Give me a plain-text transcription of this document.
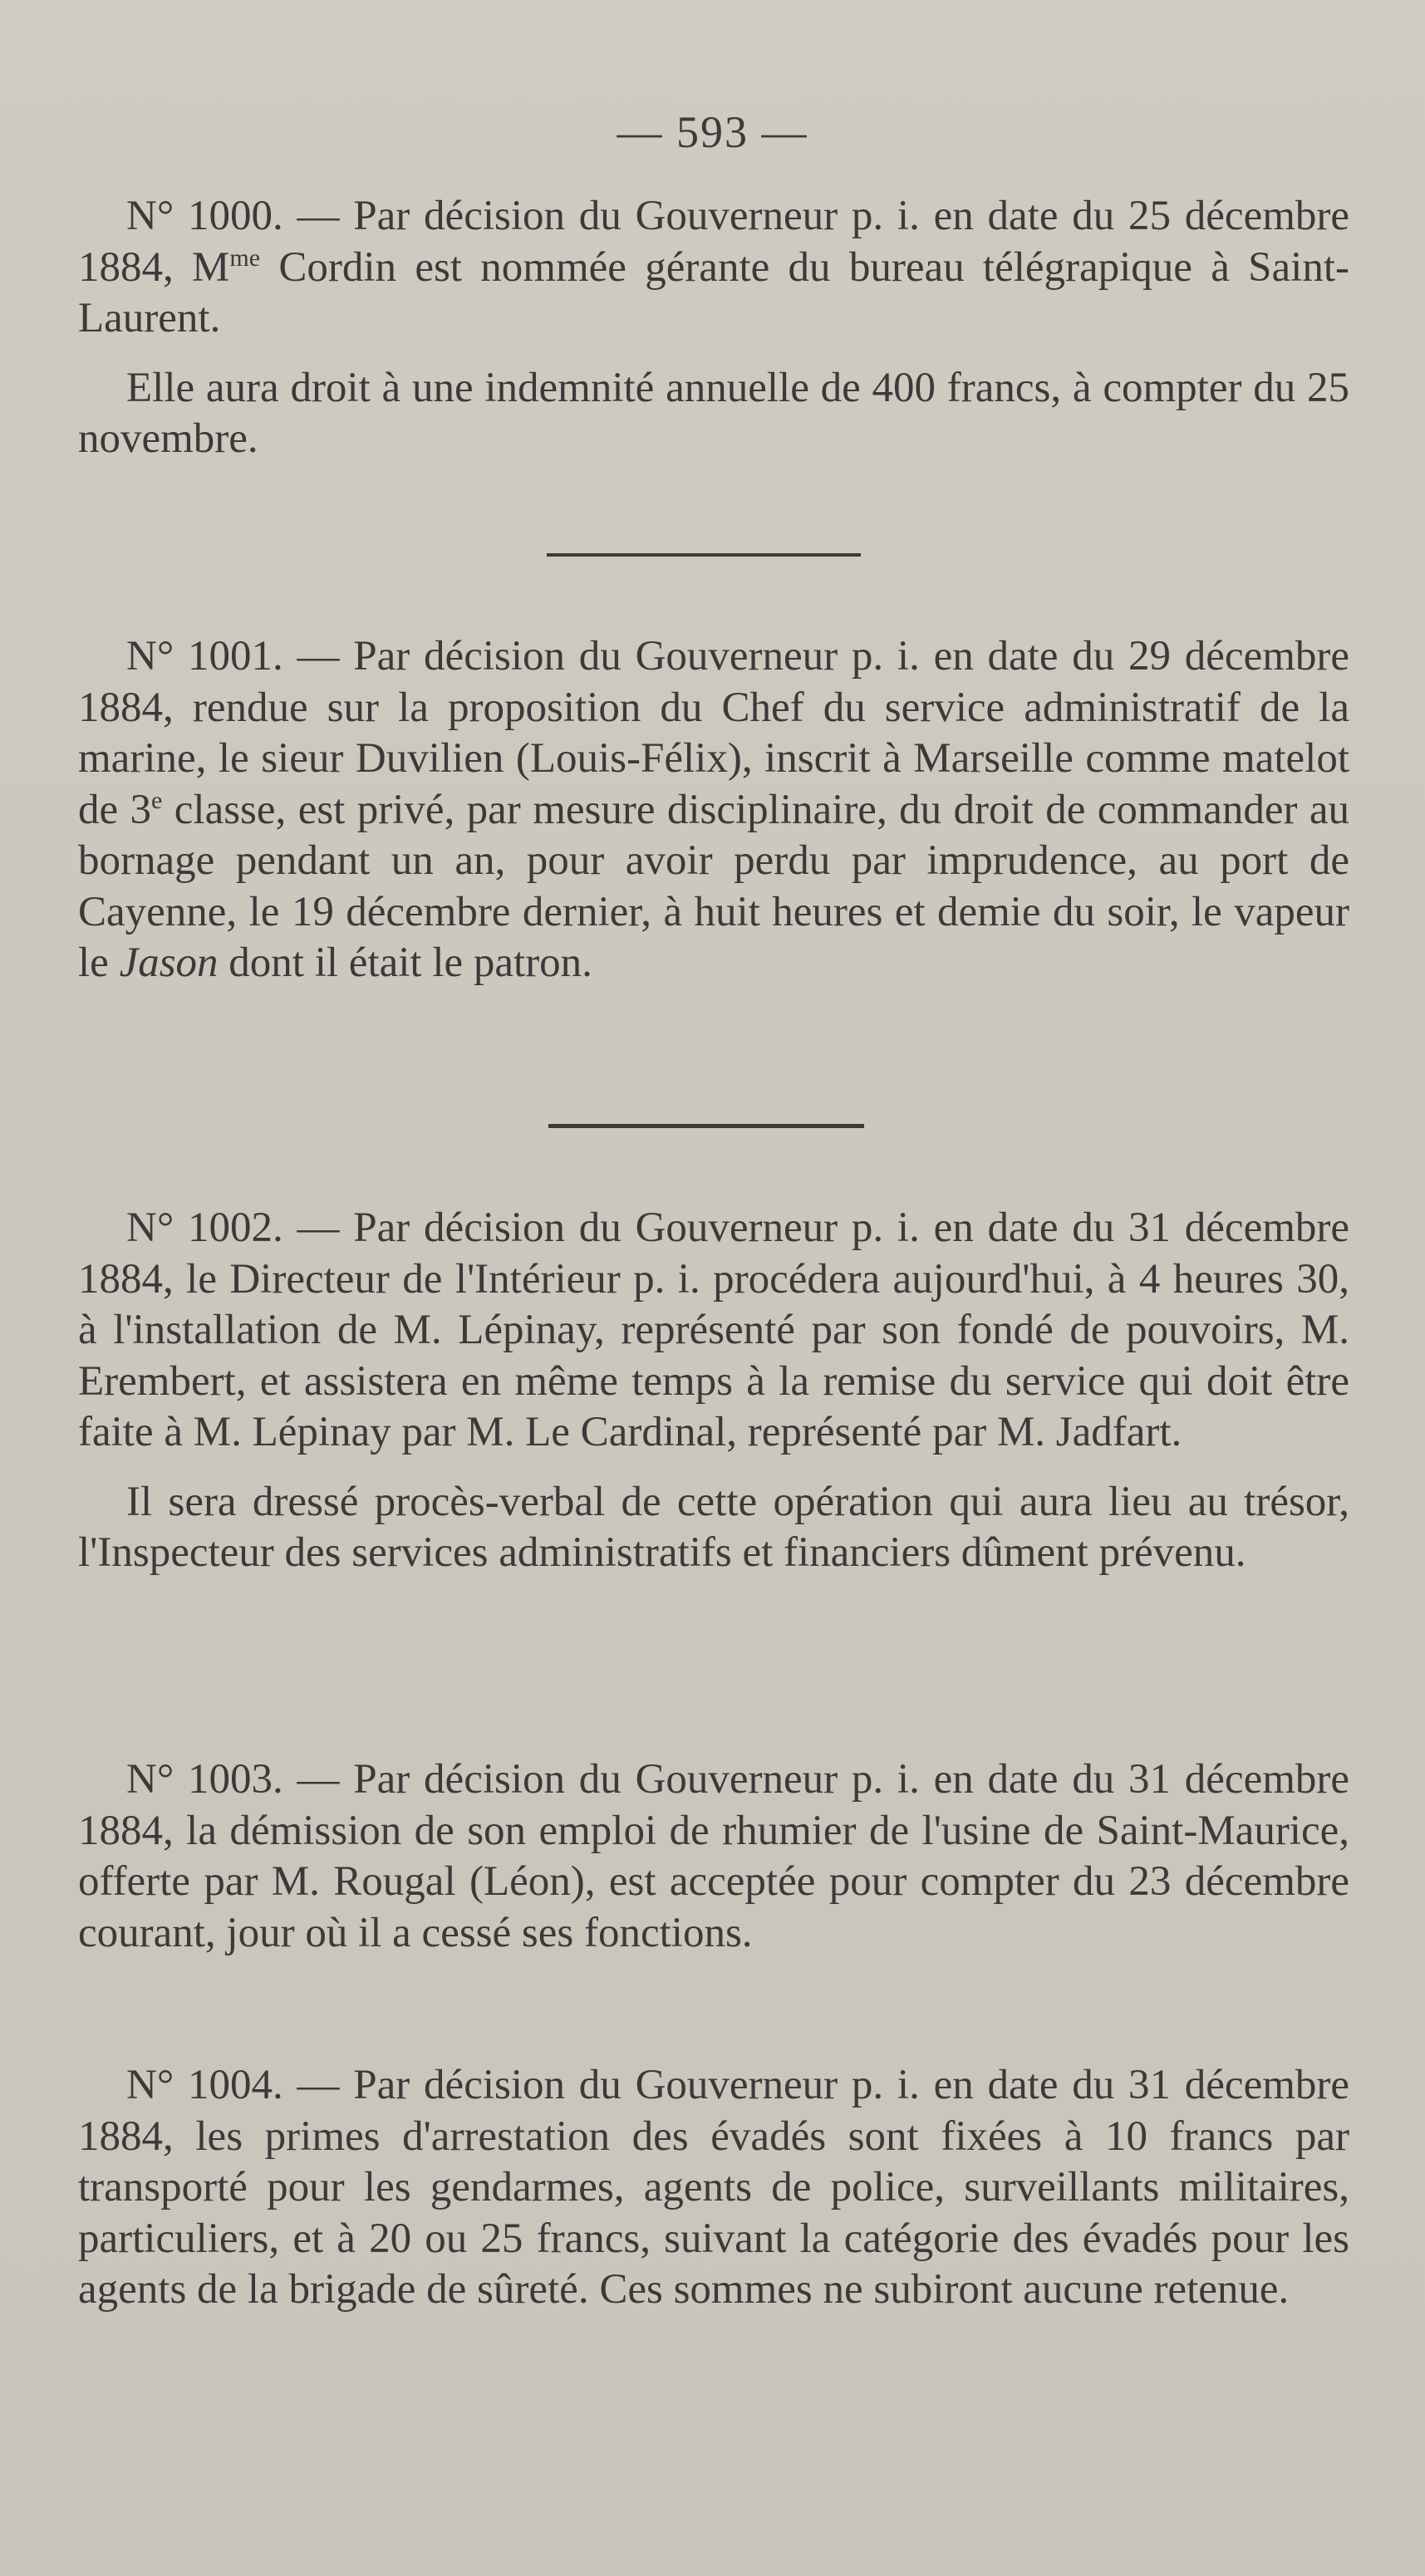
— 593 —

N° 1000. — Par décision du Gouverneur p. i. en date du 25 décembre 1884, $M^{me}$ Cordin est nommée gérante du bureau télégrapique à Saint-Laurent.

Elle aura droit à une indemnité annuelle de 400 francs, à compter du 25 novembre.

N° 1001. — Par décision du Gouverneur p. i. en date du 29 décembre 1884, rendue sur la proposition du Chef du service administratif de la marine, le sieur Duvilien (Louis-Félix), inscrit à Marseille comme matelot de 3e classe, est privé, par mesure disciplinaire, du droit de commander au bornage pendant un an, pour avoir perdu par imprudence, au port de Cayenne, le 19 décembre dernier, à huit heures et demie du soir, le vapeur le Jason dont il était le patron.

N° 1002. — Par décision du Gouverneur p. i. en date du 31 décembre 1884, le Directeur de l'Intérieur p. i. procédera aujourd'hui, à 4 heures 30, à l'installation de M. Lépinay, représenté par son fondé de pouvoirs, M. Erembert, et assistera en même temps à la remise du service qui doit être faite à M. Lépinay par M. Le Cardinal, représenté par M. Jadfart.

Il sera dressé procès-verbal de cette opération qui aura lieu au trésor, l'Inspecteur des services administratifs et financiers dûment prévenu.

N° 1003. — Par décision du Gouverneur p. i. en date du 31 décembre 1884, la démission de son emploi de rhumier de l'usine de Saint-Maurice, offerte par M. Rougal (Léon), est acceptée pour compter du 23 décembre courant, jour où il a cessé ses fonctions.

N° 1004. — Par décision du Gouverneur p. i. en date du 31 décembre 1884, les primes d'arrestation des évadés sont fixées à 10 francs par transporté pour les gendarmes, agents de police, surveillants militaires, particuliers, et à 20 ou 25 francs, suivant la catégorie des évadés pour les agents de la brigade de sûreté. Ces sommes ne subiront aucune retenue.
